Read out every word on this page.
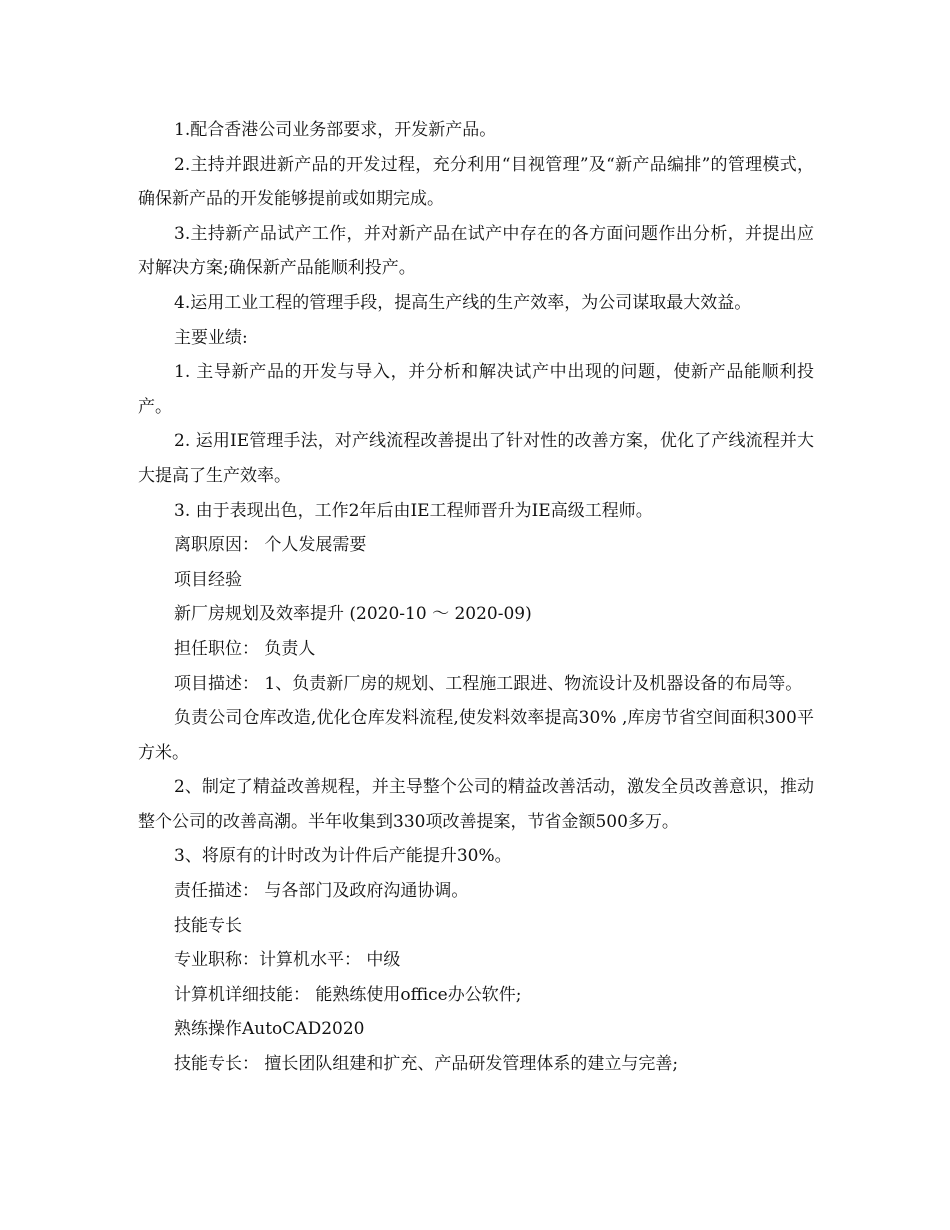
1.配合香港公司业务部要求，开发新产品。

2.主持并跟进新产品的开发过程，充分利用“目视管理”及“新产品编排”的管理模式， 确保新产品的开发能够提前或如期完成。

3.主持新产品试产工作，并对新产品在试产中存在的各方面问题作出分析，并提出应对解决方案;确保新产品能顺利投产。

4.运用工业工程的管理手段，提高生产线的生产效率，为公司谋取最大效益。

主要业绩:

1. 主导新产品的开发与导入，并分析和解决试产中出现的问题，使新产品能顺利投产。

2. 运用IE管理手法，对产线流程改善提出了针对性的改善方案，优化了产线流程并大大提高了生产效率。

3. 由于表现出色，工作2年后由IE工程师晋升为IE高级工程师。

离职原因： 个人发展需要

项目经验

新厂房规划及效率提升 (2020-10 ～ 2020-09)

担任职位： 负责人

项目描述： 1、负责新厂房的规划、工程施工跟进、物流设计及机器设备的布局等。

负责公司仓库改造,优化仓库发料流程,使发料效率提高30% ,库房节省空间面积300平方米。

2、制定了精益改善规程，并主导整个公司的精益改善活动，激发全员改善意识，推动整个公司的改善高潮。半年收集到330项改善提案，节省金额500多万。

3、将原有的计时改为计件后产能提升30%。

责任描述： 与各部门及政府沟通协调。

技能专长

专业职称：计算机水平： 中级

计算机详细技能： 能熟练使用office办公软件;

熟练操作AutoCAD2020

技能专长： 擅长团队组建和扩充、产品研发管理体系的建立与完善;
